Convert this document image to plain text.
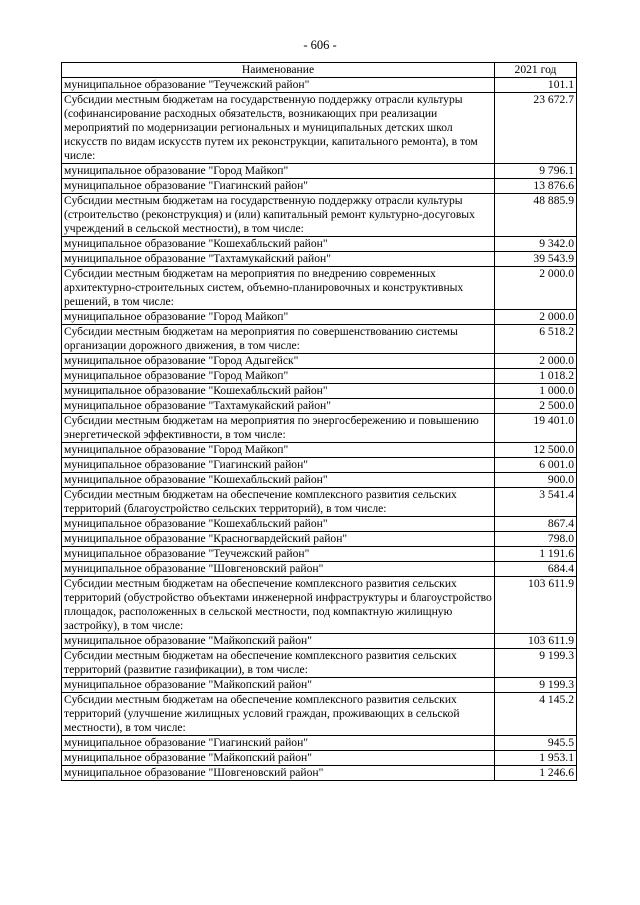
- 606 -
Наименование	2021 год
муниципальное образование "Теучежский район"	101.1
Субсидии местным бюджетам на государственную поддержку отрасли культуры (софинансирование расходных обязательств, возникающих при реализации мероприятий по модернизации региональных и муниципальных детских школ искусств по видам искусств путем их реконструкции, капитального ремонта), в том числе:	23 672.7
муниципальное образование "Город Майкоп"	9 796.1
муниципальное образование "Гиагинский район"	13 876.6
Субсидии местным бюджетам на государственную поддержку отрасли культуры (строительство (реконструкция) и (или) капитальный ремонт культурно-досуговых учреждений в сельской местности), в том числе:	48 885.9
муниципальное образование "Кошехабльский район"	9 342.0
муниципальное образование "Тахтамукайский район"	39 543.9
Субсидии местным бюджетам на мероприятия по внедрению современных архитектурно-строительных систем, объемно-планировочных и конструктивных решений, в том числе:	2 000.0
муниципальное образование "Город Майкоп"	2 000.0
Субсидии местным бюджетам на мероприятия по совершенствованию системы организации дорожного движения, в том числе:	6 518.2
муниципальное образование "Город Адыгейск"	2 000.0
муниципальное образование "Город Майкоп"	1 018.2
муниципальное образование "Кошехабльский район"	1 000.0
муниципальное образование "Тахтамукайский район"	2 500.0
Субсидии местным бюджетам на мероприятия по энергосбережению и повышению энергетической эффективности, в том числе:	19 401.0
муниципальное образование "Город Майкоп"	12 500.0
муниципальное образование "Гиагинский район"	6 001.0
муниципальное образование "Кошехабльский район"	900.0
Субсидии местным бюджетам на обеспечение комплексного развития сельских территорий (благоустройство сельских территорий), в том числе:	3 541.4
муниципальное образование "Кошехабльский район"	867.4
муниципальное образование "Красногвардейский район"	798.0
муниципальное образование "Теучежский район"	1 191.6
муниципальное образование "Шовгеновский район"	684.4
Субсидии местным бюджетам на обеспечение комплексного развития сельских территорий (обустройство объектами инженерной инфраструктуры и благоустройство площадок, расположенных в сельской местности, под компактную жилищную застройку), в том числе:	103 611.9
муниципальное образование "Майкопский район"	103 611.9
Субсидии местным бюджетам на обеспечение комплексного развития сельских территорий (развитие газификации), в том числе:	9 199.3
муниципальное образование "Майкопский район"	9 199.3
Субсидии местным бюджетам на обеспечение комплексного развития сельских территорий (улучшение жилищных условий граждан, проживающих в сельской местности), в том числе:	4 145.2
муниципальное образование "Гиагинский район"	945.5
муниципальное образование "Майкопский район"	1 953.1
муниципальное образование "Шовгеновский район"	1 246.6
